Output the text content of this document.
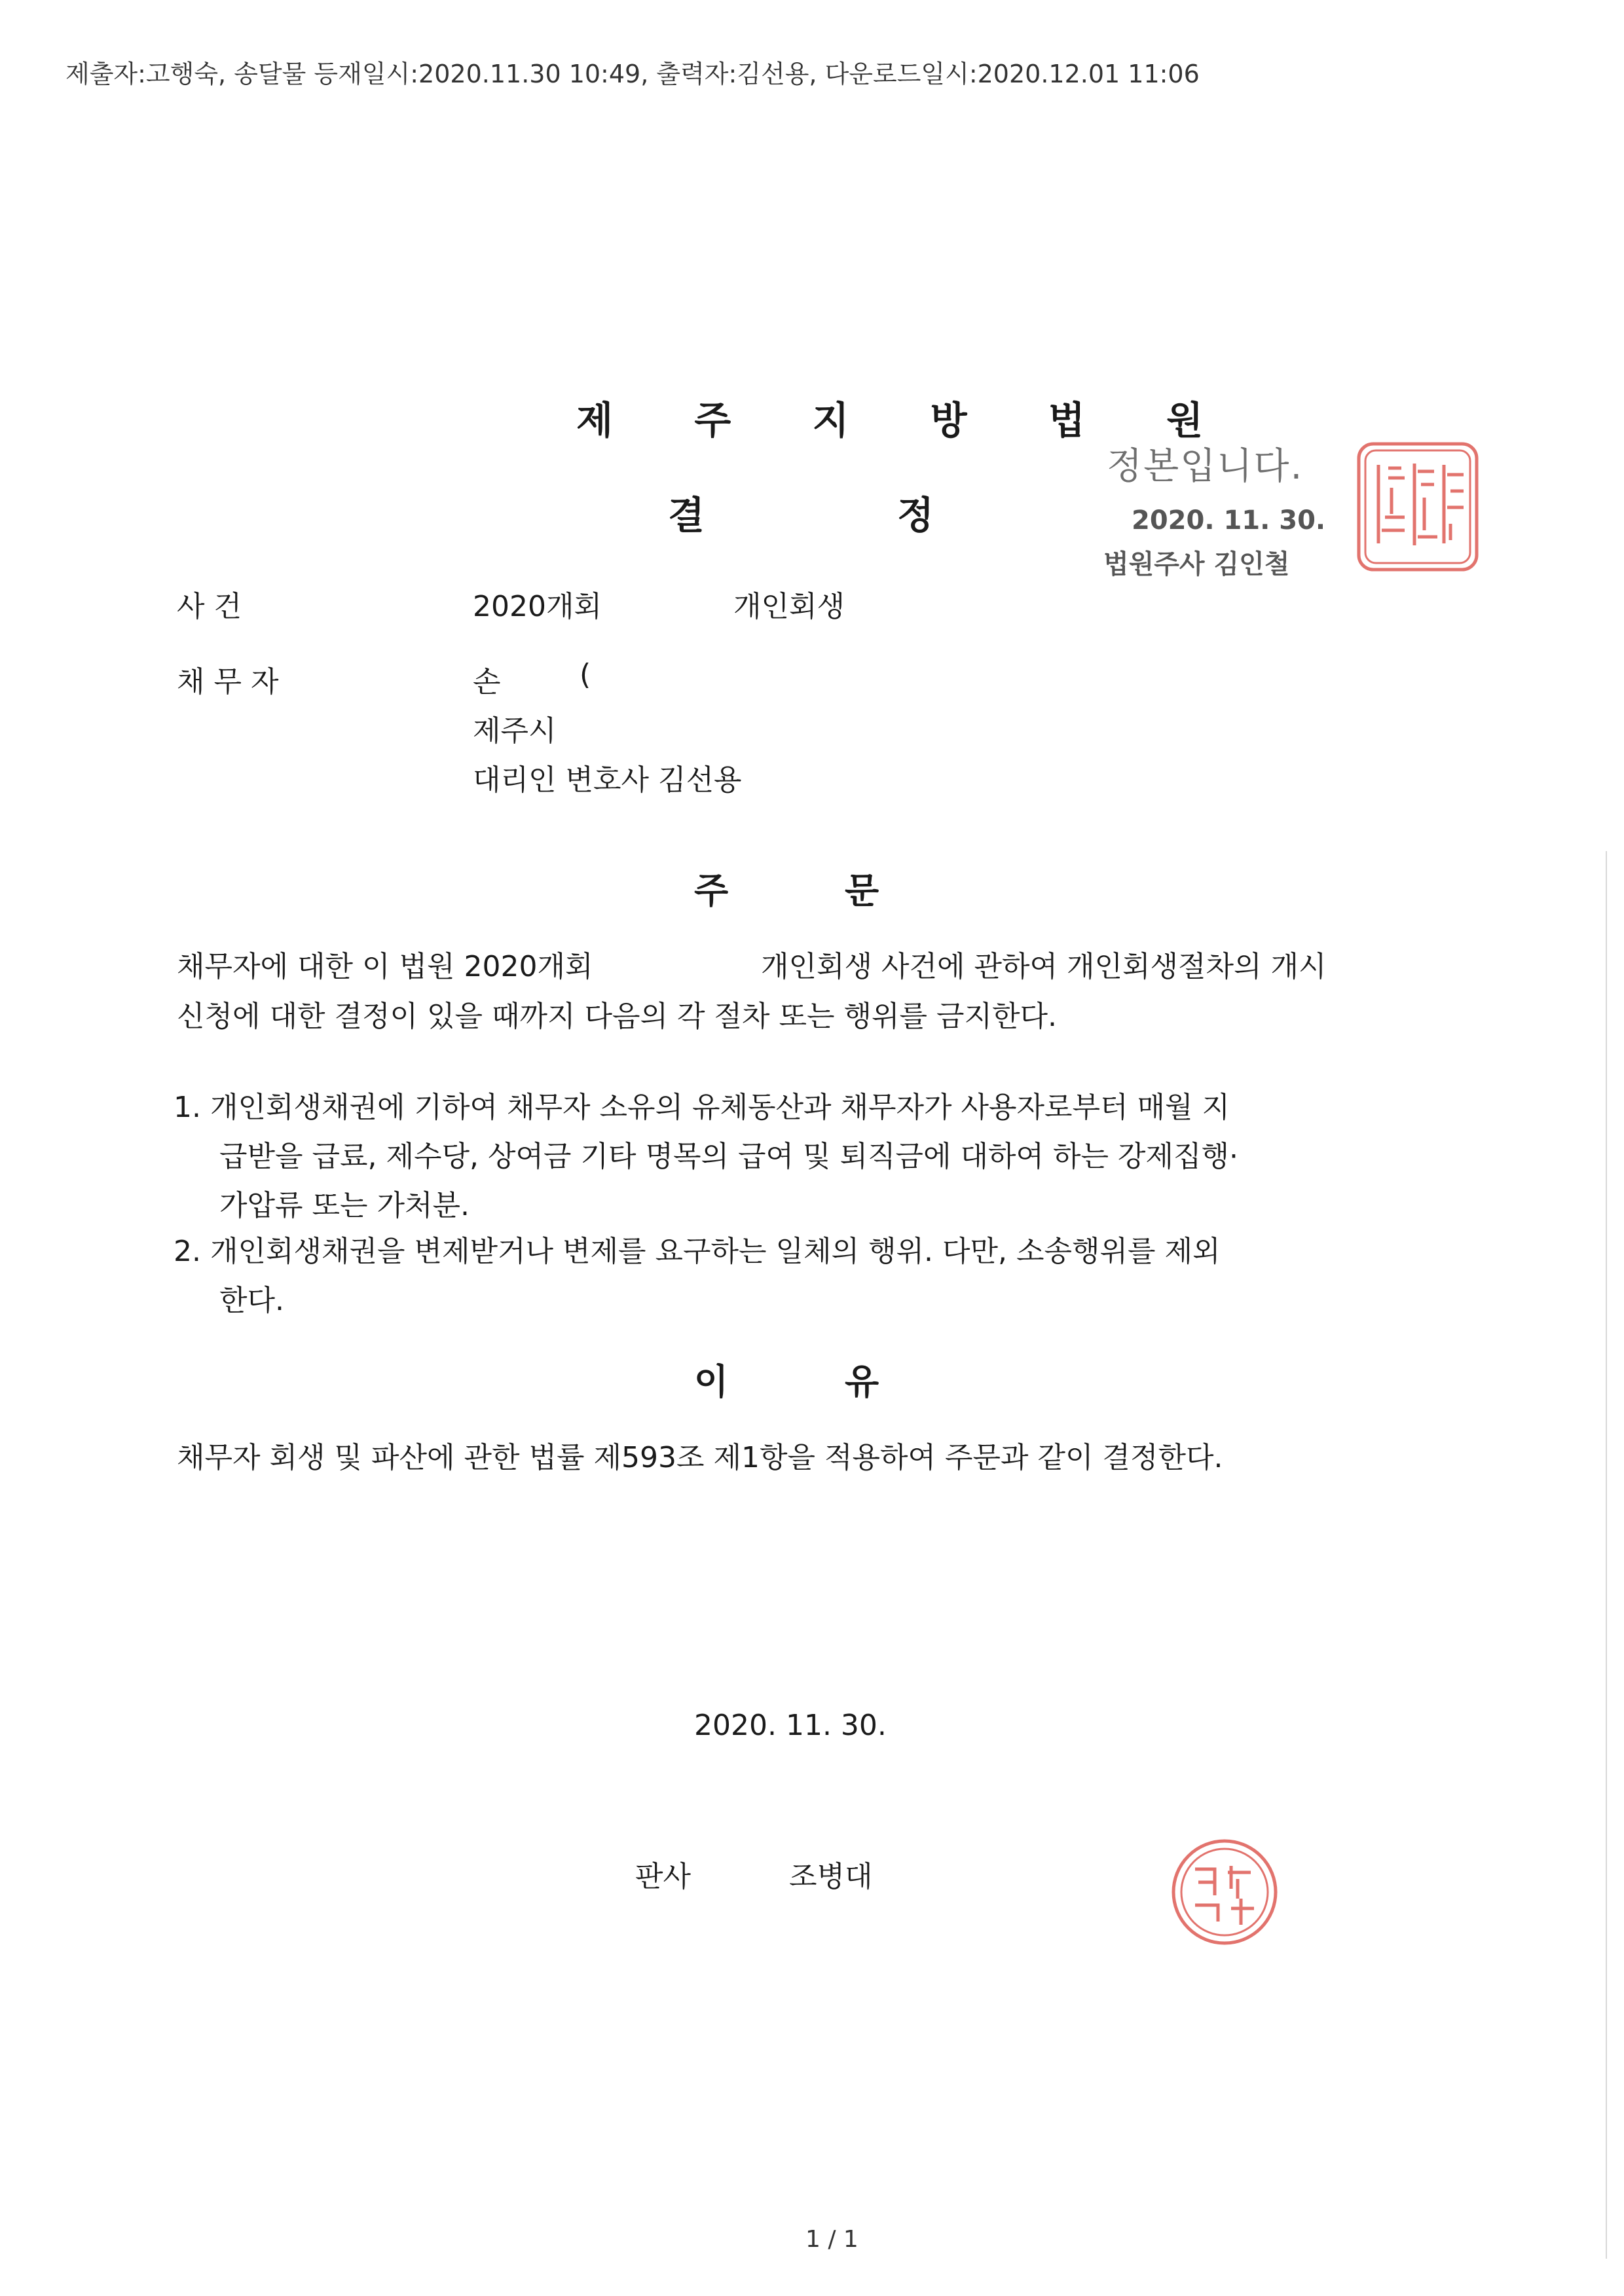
제출자:고행숙, 송달물 등재일시:2020.11.30 10:49, 출력자:김선용, 다운로드일시:2020.12.01 11:06
제 주 지 방 법 원
결	정
정본입니다.
2020. 11. 30.
법원주사 김인철
사 건	2020개회	개인회생
채 무 자	손	(
제주시
대리인 변호사 김선용
주	문
채무자에 대한 이 법원 2020개회	개인회생 사건에 관하여 개인회생절차의 개시
신청에 대한 결정이 있을 때까지 다음의 각 절차 또는 행위를 금지한다.
1. 개인회생채권에 기하여 채무자 소유의 유체동산과 채무자가 사용자로부터 매월 지
급받을 급료, 제수당, 상여금 기타 명목의 급여 및 퇴직금에 대하여 하는 강제집행·
가압류 또는 가처분.
2. 개인회생채권을 변제받거나 변제를 요구하는 일체의 행위. 다만, 소송행위를 제외
한다.
이	유
채무자 회생 및 파산에 관한 법률 제593조 제1항을 적용하여 주문과 같이 결정한다.
2020. 11. 30.
판사	조병대
1 / 1
